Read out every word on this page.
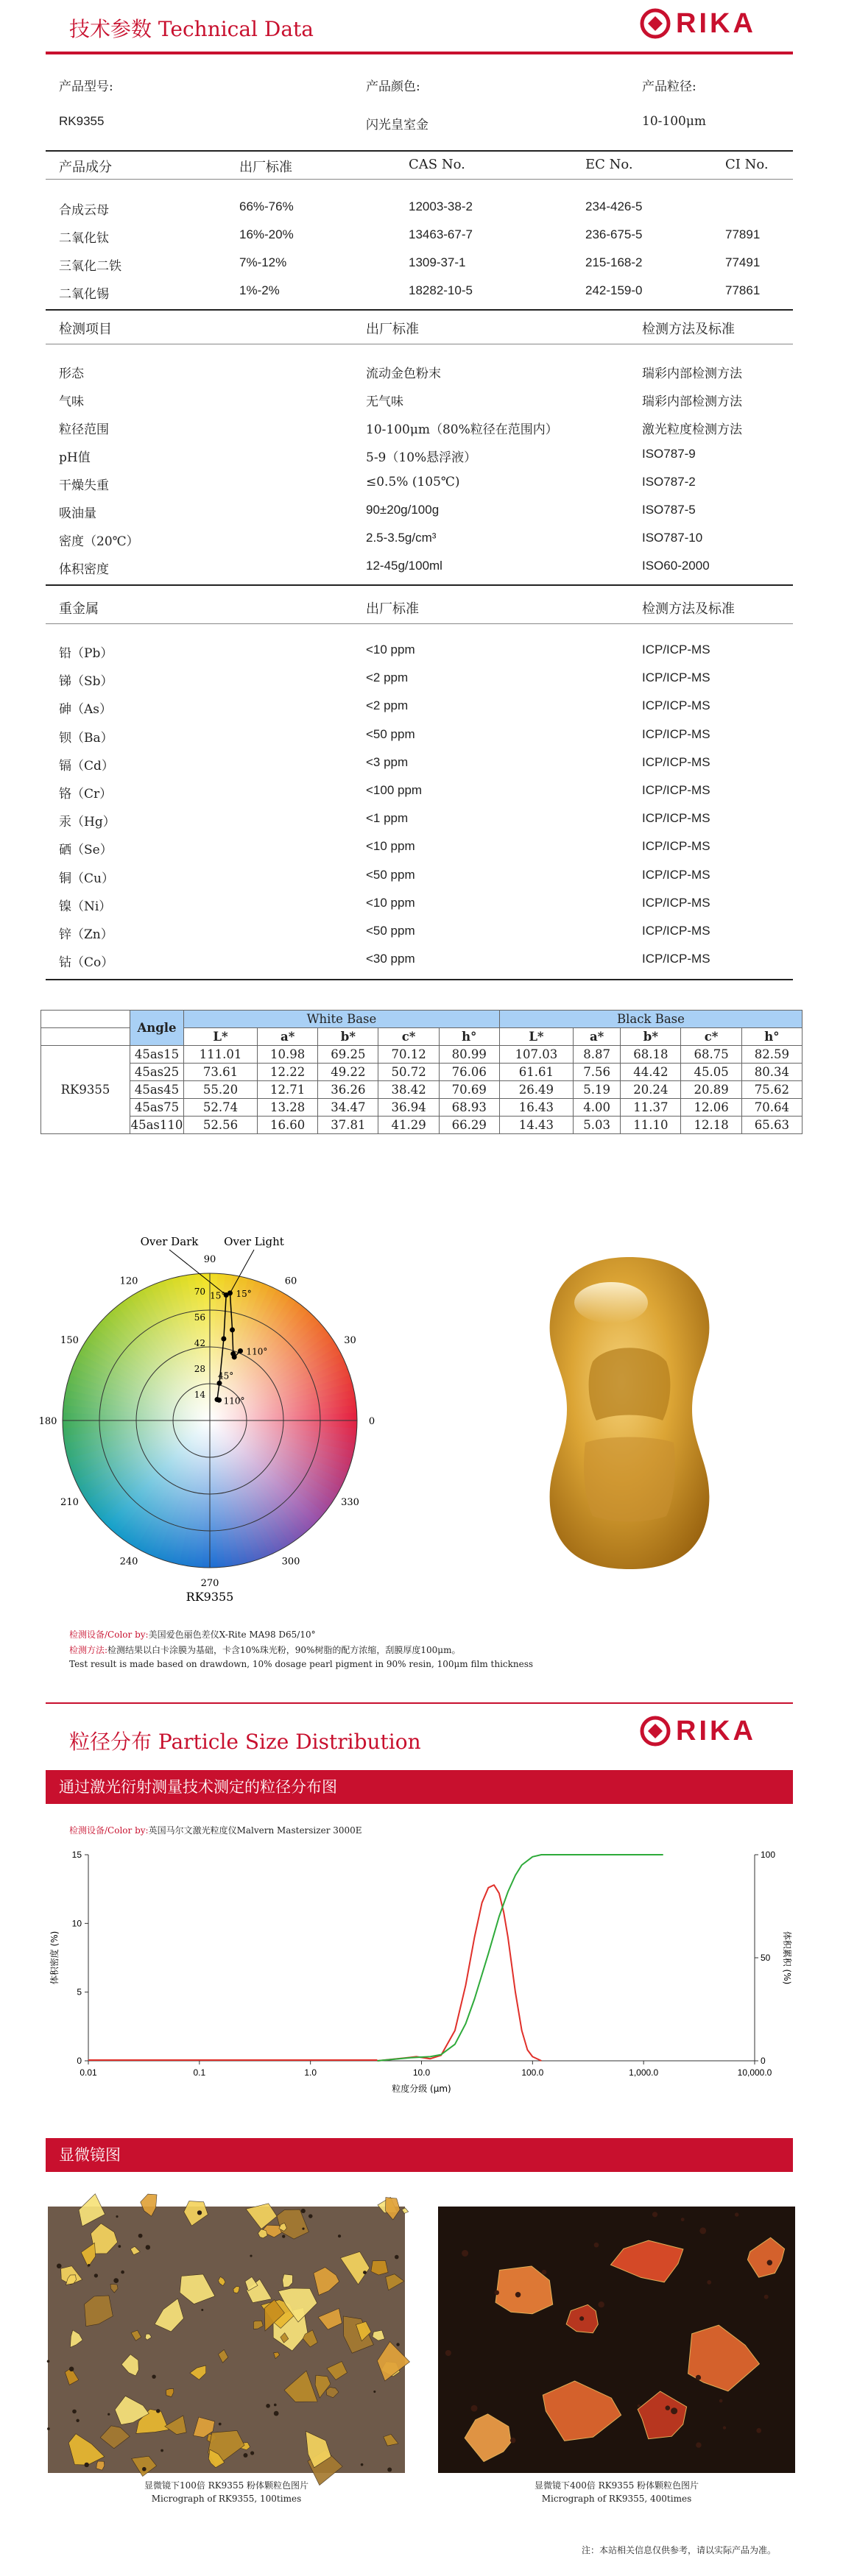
技术参数 Technical Data	RIKA
产品型号:	产品颜色:	产品粒径:
RK9355	闪光皇室金	10-100μm
产品成分	出厂标准	CAS No.	EC No.	CI No.
合成云母	66%-76%	12003-38-2	234-426-5
二氧化钛	16%-20%	13463-67-7	236-675-5	77891
三氧化二铁	7%-12%	1309-37-1	215-168-2	77491
二氧化锡	1%-2%	18282-10-5	242-159-0	77861
检测项目	出厂标准	检测方法及标准
形态	流动金色粉末	瑞彩内部检测方法
气味	无气味	瑞彩内部检测方法
粒径范围	10-100μm（80%粒径在范围内）	激光粒度检测方法
pH值	5-9（10%悬浮液）	ISO787-9
干燥失重	≤0.5% (105℃)	ISO787-2
吸油量	90±20g/100g	ISO787-5
密度（20℃）	2.5-3.5g/cm³	ISO787-10
体积密度	12-45g/100ml	ISO60-2000
重金属	出厂标准	检测方法及标准
铅（Pb）	<10 ppm	ICP/ICP-MS
锑（Sb）	<2 ppm	ICP/ICP-MS
砷（As）	<2 ppm	ICP/ICP-MS
钡（Ba）	<50 ppm	ICP/ICP-MS
镉（Cd）	<3 ppm	ICP/ICP-MS
铬（Cr）	<100 ppm	ICP/ICP-MS
汞（Hg）	<1 ppm	ICP/ICP-MS
硒（Se）	<10 ppm	ICP/ICP-MS
铜（Cu）	<50 ppm	ICP/ICP-MS
镍（Ni）	<10 ppm	ICP/ICP-MS
锌（Zn）	<50 ppm	ICP/ICP-MS
钴（Co）	<30 ppm	ICP/ICP-MS
	Angle	White Base					Black Base				
		L*	a*	b*	c*	h°	L*	a*	b*	c*	h°
RK9355	45as15	111.01	10.98	69.25	70.12	80.99	107.03	8.87	68.18	68.75	82.59
	45as25	73.61	12.22	49.22	50.72	76.06	61.61	7.56	44.42	45.05	80.34
	45as45	55.20	12.71	36.26	38.42	70.69	26.49	5.19	20.24	20.89	75.62
	45as75	52.74	13.28	34.47	36.94	68.93	16.43	4.00	11.37	12.06	70.64
	45as110	52.56	16.60	37.81	41.29	66.29	14.43	5.03	11.10	12.18	65.63
90
60
30
0
330
300
270
240
210
180
150
120
70
56
42
28
14
Over Dark Over Light
RK9355
15° 15°
110°
45°
110°
检测设备/Color by:美国爱色丽色差仪X-Rite MA98 D65/10°
检测方法:检测结果以白卡涂膜为基础，卡含10%珠光粉，90%树脂的配方浓缩，刮膜厚度100μm。
Test result is made based on drawdown, 10% dosage pearl pigment in 90% resin, 100μm film thickness
粒径分布 Particle Size Distribution	RIKA
通过激光衍射测量技术测定的粒径分布图
检测设备/Color by:英国马尔文激光粒度仪Malvern Mastersizer 3000E
0.01	0.1	1.0	10.0	100.0	1,000.0	10,000.0
0
5
10
15
0
50
100
粒度分级 (μm)
体积密度 (%)	体积累积 (%)
显微镜图
显微镜下100倍 RK9355 粉体颗粒色图片
Micrograph of RK9355, 100times
显微镜下400倍 RK9355 粉体颗粒色图片
Micrograph of RK9355, 400times
注：本站相关信息仅供参考，请以实际产品为准。
